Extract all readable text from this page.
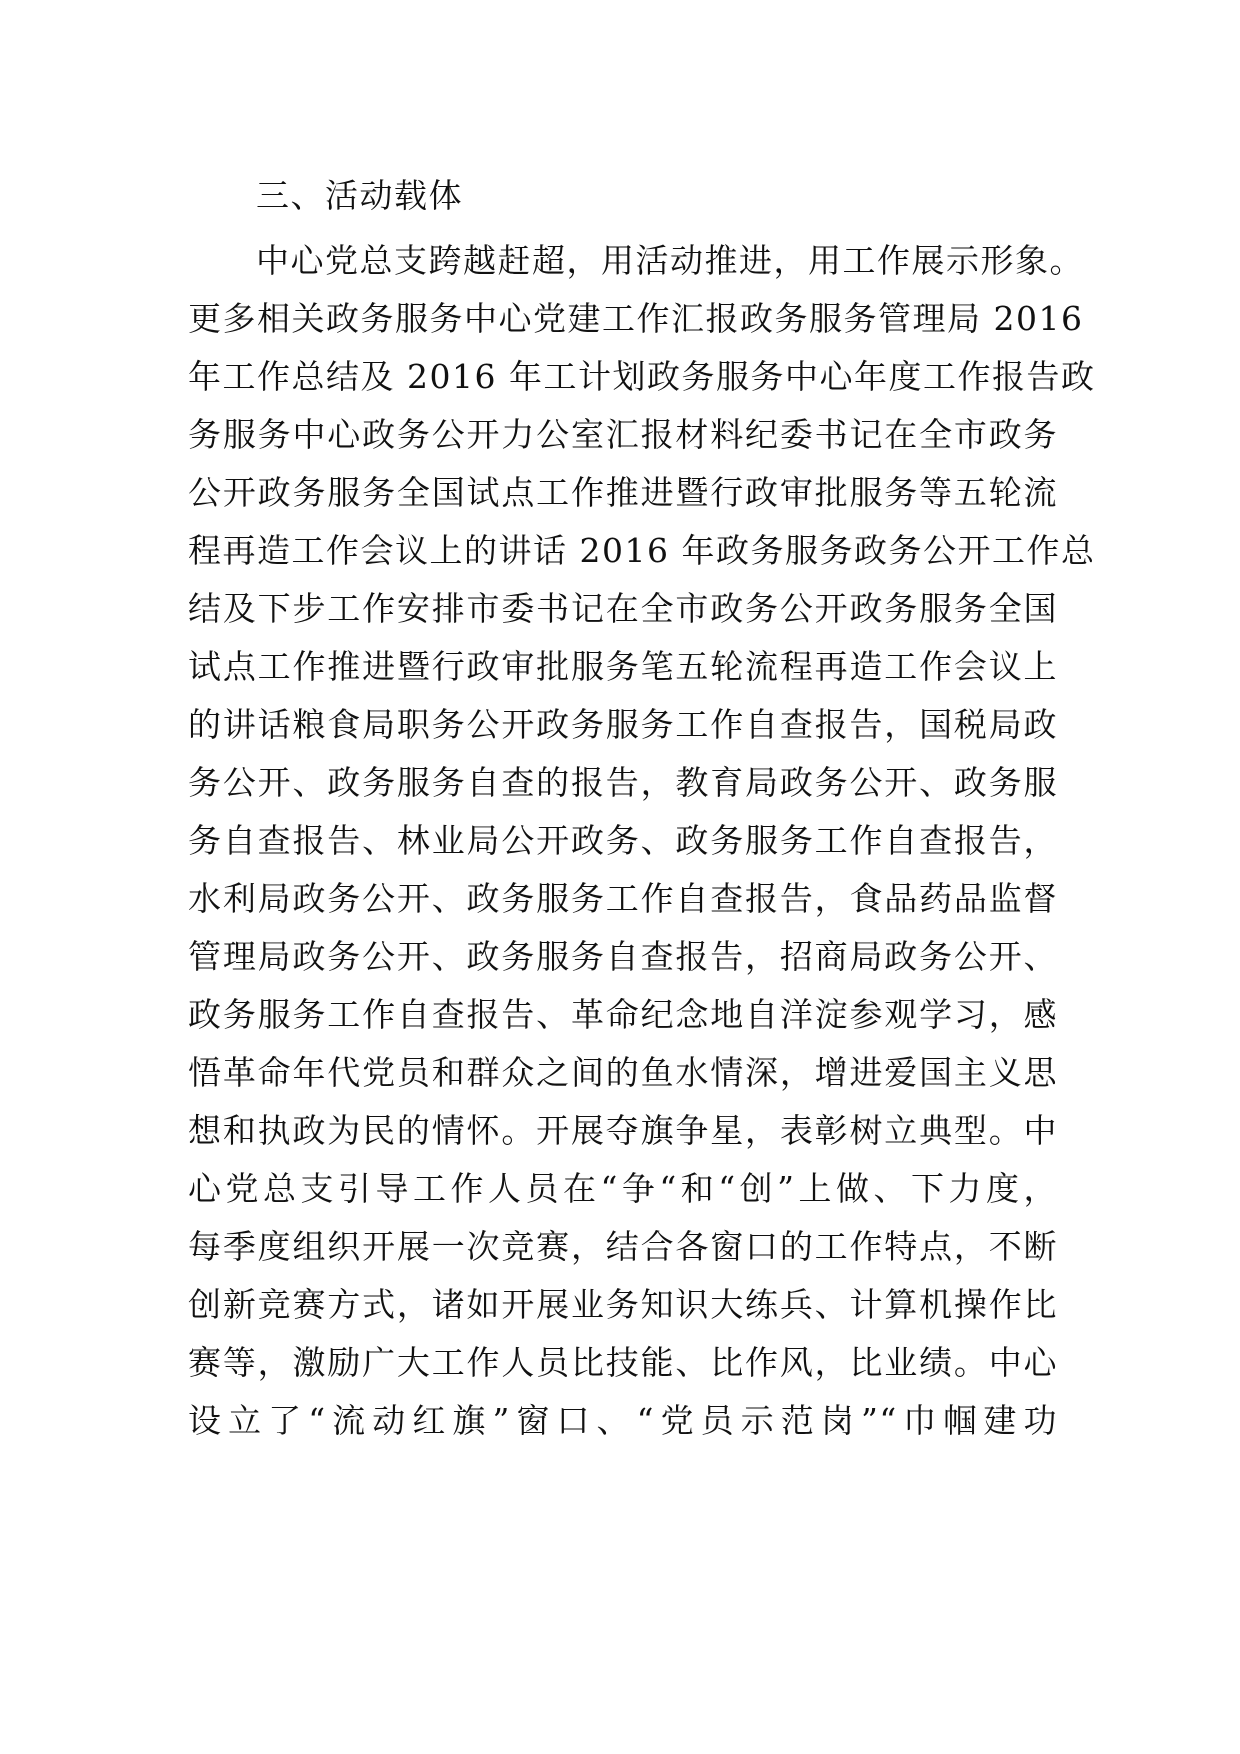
三、活动载体
中心党总支跨越赶超，用活动推进，用工作展示形象。
更多相关政务服务中心党建工作汇报政务服务管理局 2016
年工作总结及 2016 年工计划政务服务中心年度工作报告政
务服务中心政务公开力公室汇报材料纪委书记在全市政务
公开政务服务全国试点工作推进暨行政审批服务等五轮流
程再造工作会议上的讲话 2016 年政务服务政务公开工作总
结及下步工作安排市委书记在全市政务公开政务服务全国
试点工作推进暨行政审批服务笔五轮流程再造工作会议上
的讲话粮食局职务公开政务服务工作自查报告，国税局政
务公开、政务服务自查的报告，教育局政务公开、政务服
务自查报告、林业局公开政务、政务服务工作自查报告，
水利局政务公开、政务服务工作自查报告，食品药品监督
管理局政务公开、政务服务自查报告，招商局政务公开、
政务服务工作自查报告、革命纪念地自洋淀参观学习，感
悟革命年代党员和群众之间的鱼水情深，增进爱国主义思
想和执政为民的情怀。开展夺旗争星，表彰树立典型。中
心党总支引导工作人员在“争“和“创”上做、下力度，
每季度组织开展一次竞赛，结合各窗口的工作特点，不断
创新竞赛方式，诸如开展业务知识大练兵、计算机操作比
赛等，激励广大工作人员比技能、比作风，比业绩。中心
设立了“流动红旗”窗口、“党员示范岗”“巾帼建功
